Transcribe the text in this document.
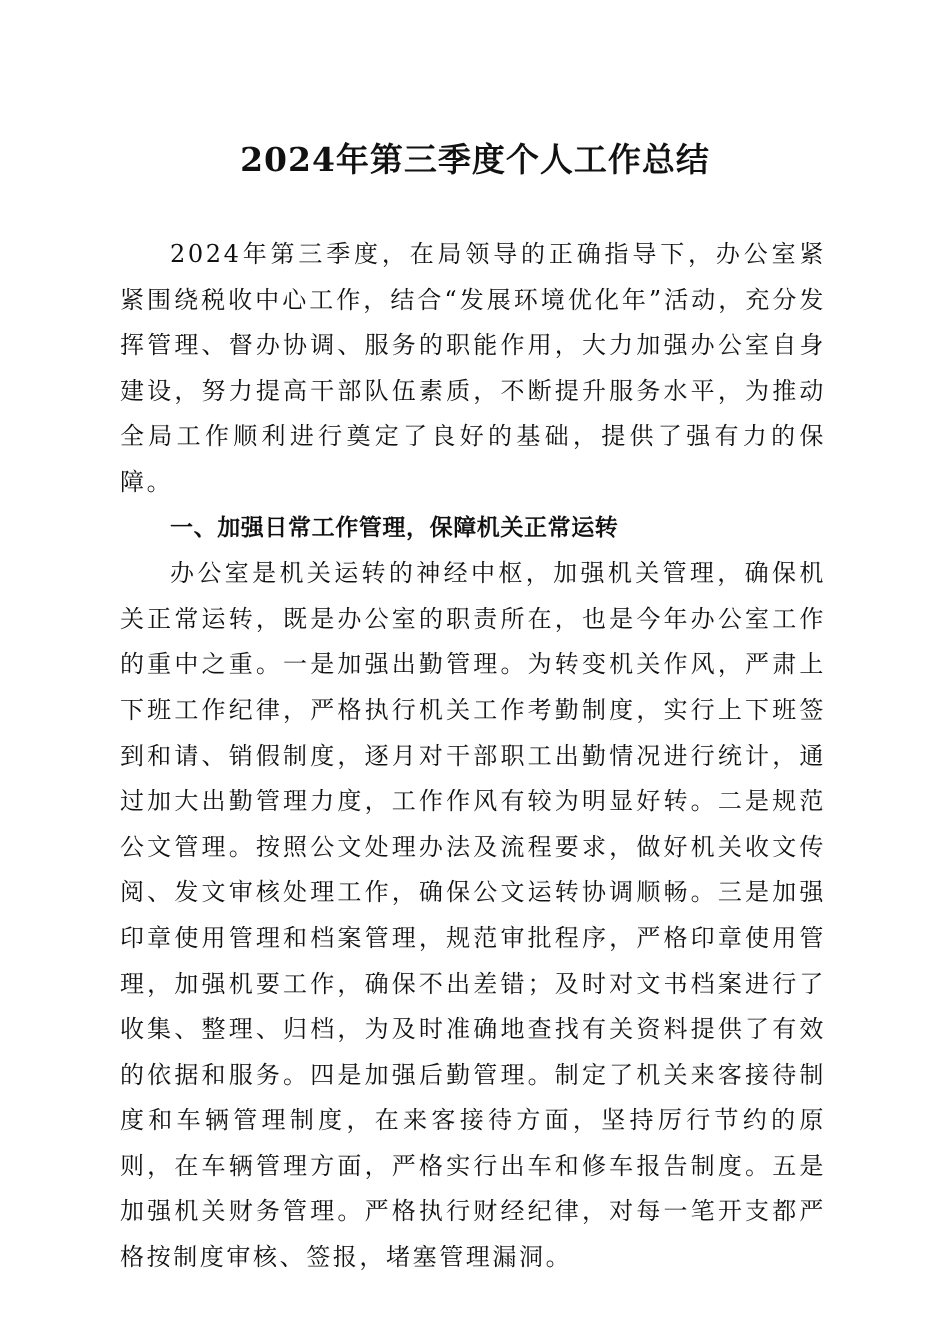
2024年第三季度个人工作总结

2024年第三季度，在局领导的正确指导下，办公室紧紧围绕税收中心工作，结合“发展环境优化年”活动，充分发挥管理、督办协调、服务的职能作用，大力加强办公室自身建设，努力提高干部队伍素质，不断提升服务水平，为推动全局工作顺利进行奠定了良好的基础，提供了强有力的保障。

一、加强日常工作管理，保障机关正常运转

办公室是机关运转的神经中枢，加强机关管理，确保机关正常运转，既是办公室的职责所在，也是今年办公室工作的重中之重。一是加强出勤管理。为转变机关作风，严肃上下班工作纪律，严格执行机关工作考勤制度，实行上下班签到和请、销假制度，逐月对干部职工出勤情况进行统计，通过加大出勤管理力度，工作作风有较为明显好转。二是规范公文管理。按照公文处理办法及流程要求，做好机关收文传阅、发文审核处理工作，确保公文运转协调顺畅。三是加强印章使用管理和档案管理，规范审批程序，严格印章使用管理，加强机要工作，确保不出差错；及时对文书档案进行了收集、整理、归档，为及时准确地查找有关资料提供了有效的依据和服务。四是加强后勤管理。制定了机关来客接待制度和车辆管理制度，在来客接待方面，坚持厉行节约的原则，在车辆管理方面，严格实行出车和修车报告制度。五是加强机关财务管理。严格执行财经纪律，对每一笔开支都严格按制度审核、签报，堵塞管理漏洞。
